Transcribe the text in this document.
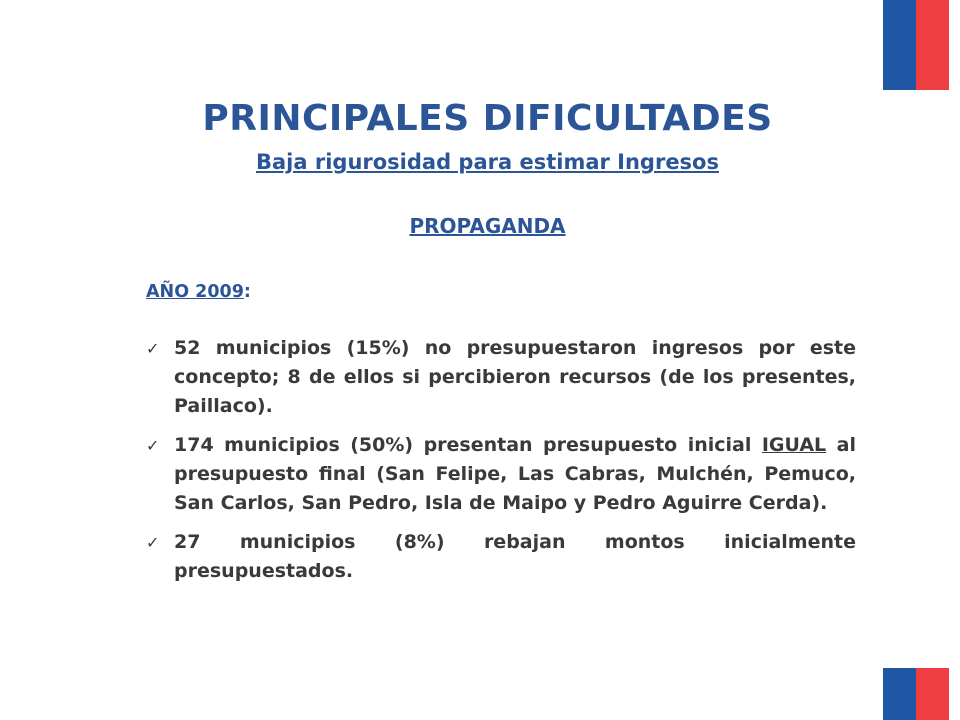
PRINCIPALES DIFICULTADES
Baja rigurosidad para estimar Ingresos
PROPAGANDA

AÑO 2009:

✓ 52 municipios (15%) no presupuestaron ingresos por este concepto; 8 de ellos si percibieron recursos (de los presentes, Paillaco).
✓ 174 municipios (50%) presentan presupuesto inicial IGUAL al presupuesto final (San Felipe, Las Cabras, Mulchén, Pemuco, San Carlos, San Pedro, Isla de Maipo y Pedro Aguirre Cerda).
✓ 27 municipios (8%) rebajan montos inicialmente presupuestados.
